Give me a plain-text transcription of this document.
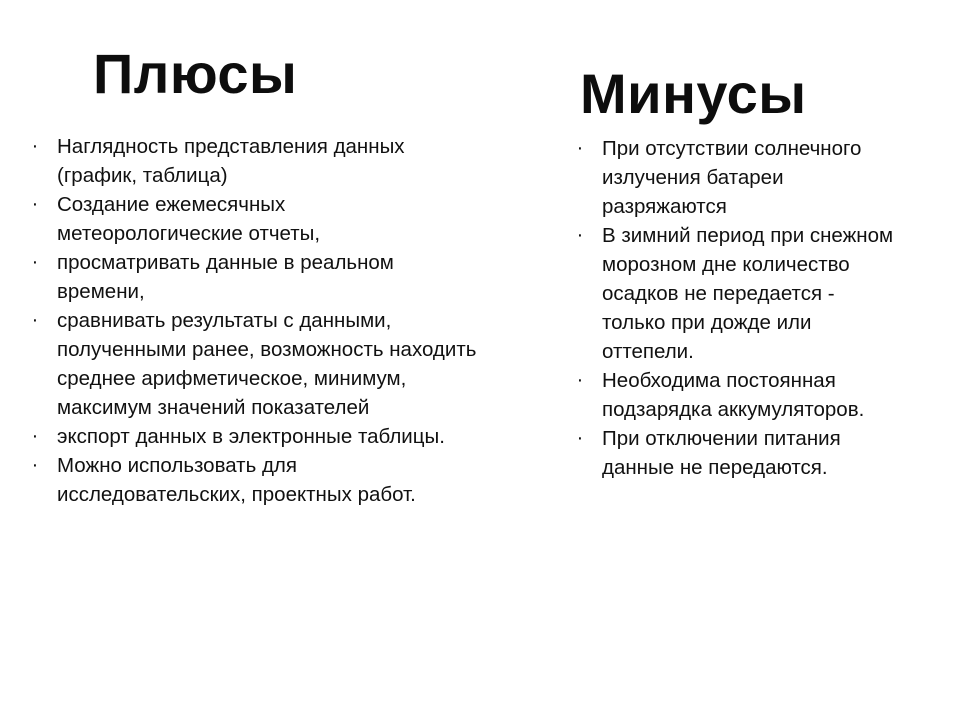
Плюсы	Минусы
· Наглядность представления данных
(график, таблица)
· Создание ежемесячных
метеорологические отчеты,
· просматривать данные в реальном
времени,
· сравнивать результаты с данными,
полученными ранее, возможность находить
среднее арифметическое, минимум,
максимум значений показателей
· экспорт данных в электронные таблицы.
· Можно использовать для
исследовательских, проектных работ.
· При отсутствии солнечного
излучения батареи
разряжаются
· В зимний период при снежном
морозном дне количество
осадков не передается -
только при дожде или
оттепели.
· Необходима постоянная
подзарядка аккумуляторов.
· При отключении питания
данные не передаются.
